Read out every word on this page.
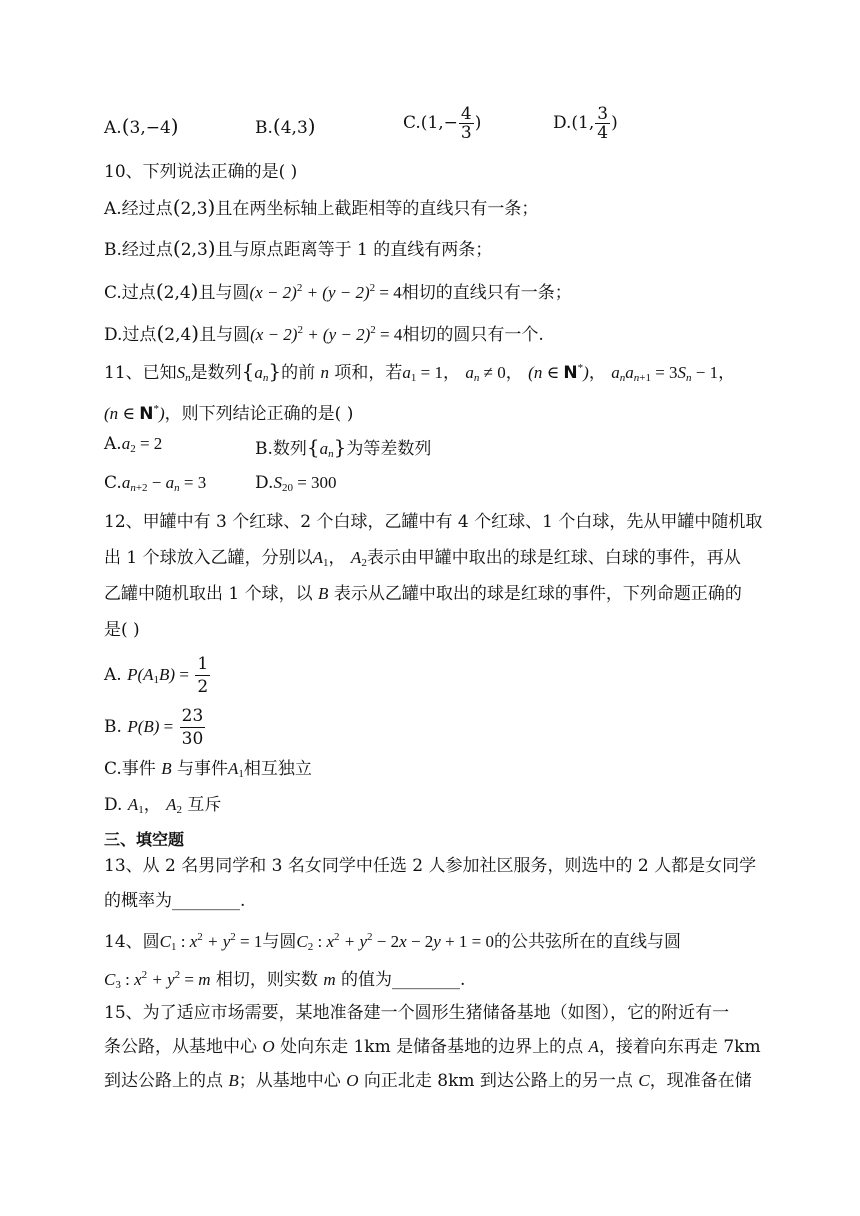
A.(3,−4)	B.(4,3)	$C.(1,- \frac{4}{3}$ )	D.(1, $\frac{3}{4}$ )
10、下列说法正确的是( )
A.经过点(2,3)且在两坐标轴上截距相等的直线只有一条；
B.经过点(2,3)且与原点距离等于 1 的直线有两条；
C.过点(2,4)且与圆$(x - 2)^2 + (y - 2)^2 = 4$相切的直线只有一条；
D.过点(2,4)且与圆$(x - 2)^2 + (y - 2)^2 = 4$相切的圆只有一个.
11、已知$S_n$是数列$\{a_n\}$的前 n 项和，若$a_1 = 1$， $a_n \ne 0$， (n ∈ N*)， $a_na_{n+1} = 3S_n - 1$，
(n ∈ N*)，则下列结论正确的是( )
$A.a_2 = 2$	B.数列$\{a_n\}$为等差数列
$C.a_{n+2} - a_n = 3$	$D.S_{20} = 300$
12、甲罐中有 3 个红球、2 个白球，乙罐中有 4 个红球、1 个白球，先从甲罐中随机取
出 1 个球放入乙罐，分别以$A_1$， $A_2$表示由甲罐中取出的球是红球、白球的事件，再从
乙罐中随机取出 1 个球，以 B 表示从乙罐中取出的球是红球的事件，下列命题正确的
是( )
A. $P(A_1B) = \frac{1}{2}$
B. $P(B) = \frac{23}{30}$
C.事件 B 与事件$A_1$相互独立
D. $A_1$， $A_2$ 互斥
三、填空题
13、从 2 名男同学和 3 名女同学中任选 2 人参加社区服务，则选中的 2 人都是女同学
的概率为________.
14、圆$C_1$ : $x^2 + y^2 = 1$与圆$C_2$ : $x^2 + y^2 - 2x - 2y + 1 = 0$的公共弦所在的直线与圆
$C_3$ : $x^2 + y^2 = m$ 相切，则实数 m 的值为________.
15、为了适应市场需要，某地准备建一个圆形生猪储备基地（如图），它的附近有一
条公路，从基地中心 O 处向东走 1km 是储备基地的边界上的点 A，接着向东再走 7km
到达公路上的点 B；从基地中心 O 向正北走 8km 到达公路上的另一点 C，现准备在储
